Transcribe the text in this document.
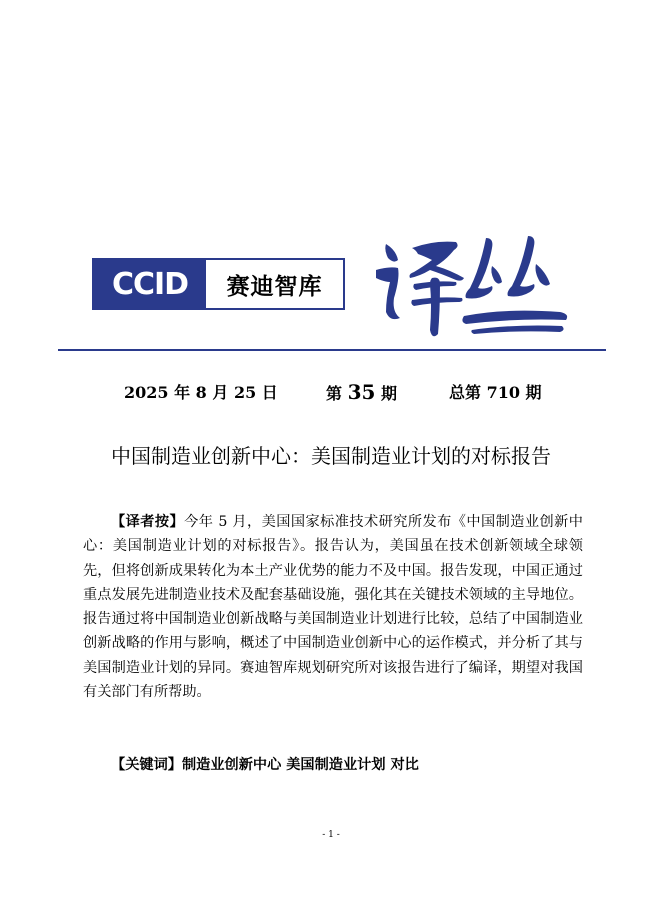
CCID	赛迪智库
2025 年 8 月 25 日	第 35 期	总第 710 期
中国制造业创新中心：美国制造业计划的对标报告
【译者按】今年 5 月，美国国家标准技术研究所发布《中国制造业创新中心：美国制造业计划的对标报告》。报告认为，美国虽在技术创新领域全球领先，但将创新成果转化为本土产业优势的能力不及中国。报告发现，中国正通过重点发展先进制造业技术及配套基础设施，强化其在关键技术领域的主导地位。报告通过将中国制造业创新战略与美国制造业计划进行比较，总结了中国制造业创新战略的作用与影响，概述了中国制造业创新中心的运作模式，并分析了其与美国制造业计划的异同。赛迪智库规划研究所对该报告进行了编译，期望对我国有关部门有所帮助。
【关键词】制造业创新中心 美国制造业计划 对比
- 1 -
